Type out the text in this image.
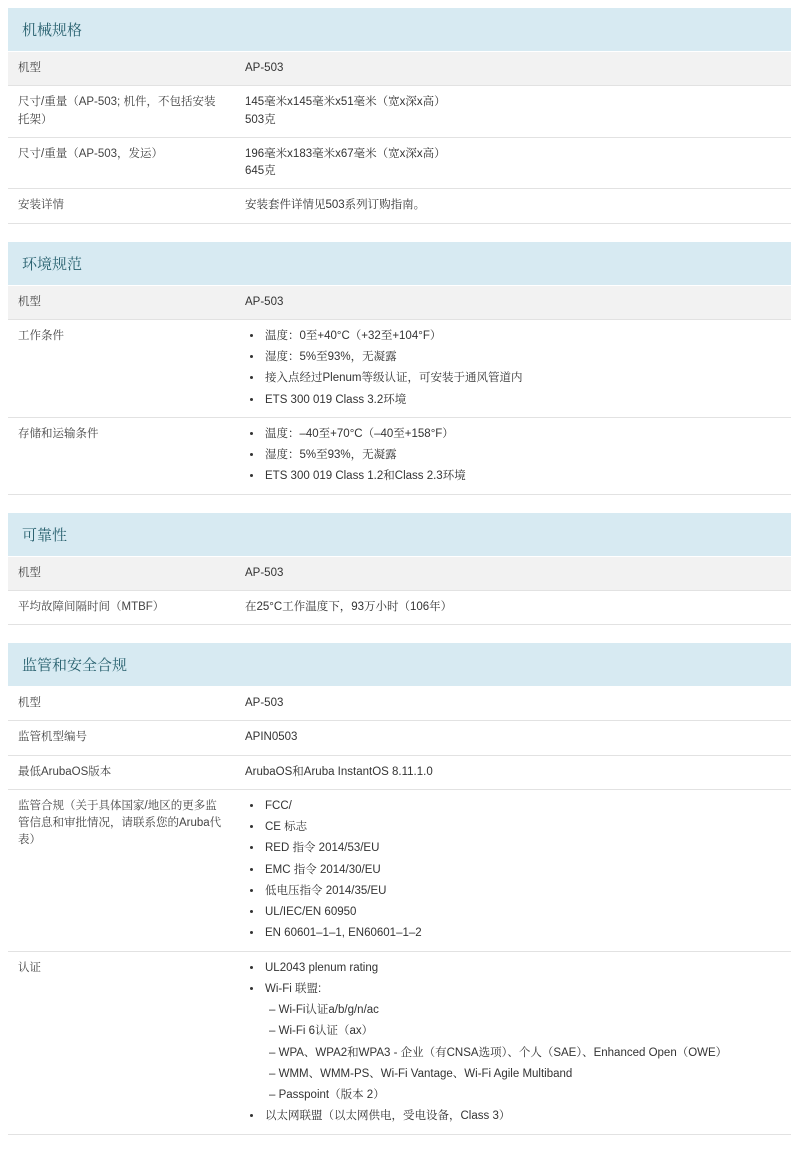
机械规格
机型	AP-503

尺寸/重量（AP-503; 机件，不包括安装托架）	145毫米x145毫米x51毫米（宽x深x高）
503克

尺寸/重量（AP-503，发运）	196毫米x183毫米x67毫米（宽x深x高）
645克

安装详情	安装套件详情见503系列订购指南。
环境规范
机型	AP-503

工作条件	
•温度：0至+40°C（+32至+104°F）
• 湿度：5%至93%，无凝露
• 接入点经过Plenum等级认证，可安装于通风管道内
• ETS 300 019 Class 3.2环境

存储和运输条件	
•温度：–40至+70°C（–40至+158°F）
• 湿度：5%至93%，无凝露
• ETS 300 019 Class 1.2和Class 2.3环境
可靠性
机型	AP-503

平均故障间隔时间（MTBF）	在25°C工作温度下，93万小时（106年）
监管和安全合规
机型	AP-503

监管机型编号	APIN0503

最低ArubaOS版本	ArubaOS和Aruba InstantOS 8.11.1.0

监管合规（关于具体国家/地区的更多监管信息和审批情况，请联系您的Aruba代表）	
• FCC/
• CE 标志
• RED 指令 2014/53/EU
• EMC 指令 2014/30/EU
• 低电压指令 2014/35/EU
• UL/IEC/EN 60950
• EN 60601–1–1, EN60601–1–2

认证	
•UL2043 plenum rating
• Wi-Fi 联盟:
– Wi-Fi认证a/b/g/n/ac
– Wi-Fi 6认证（ax）
– WPA、WPA2和WPA3 - 企业（有CNSA选项）、个人（SAE）、Enhanced Open（OWE）
– WMM、WMM-PS、Wi-Fi Vantage、Wi-Fi Agile Multiband
– Passpoint（版本 2）
• 以太网联盟（以太网供电，受电设备，Class 3）
